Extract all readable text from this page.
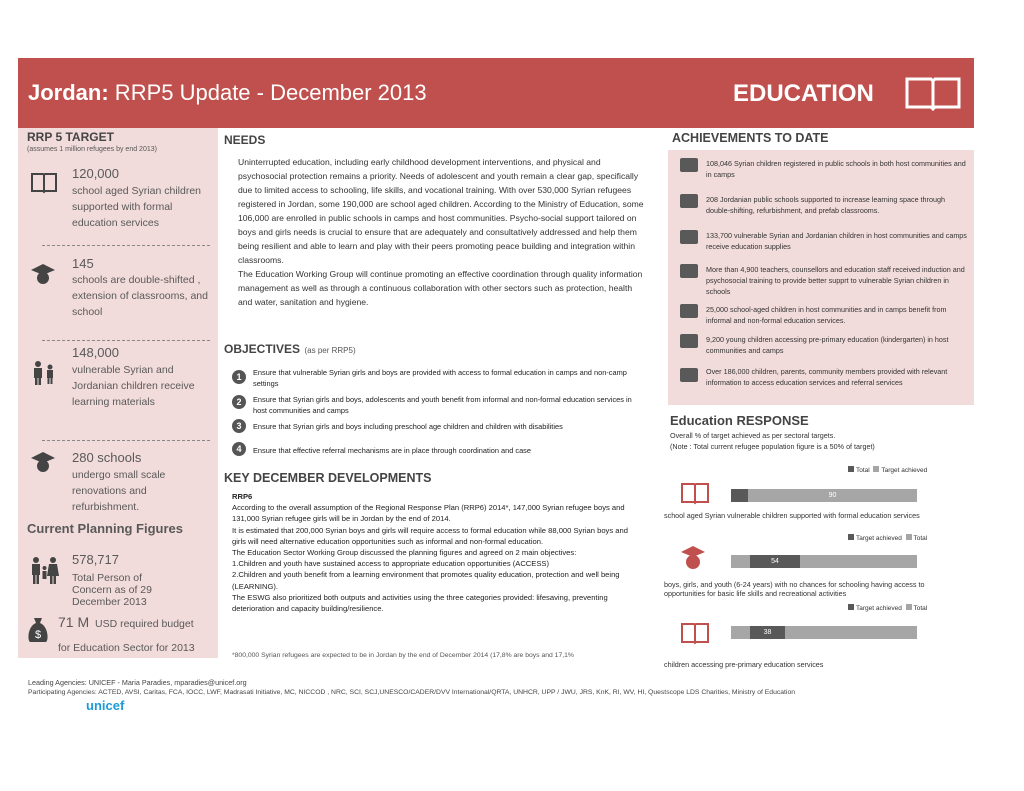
Jordan: RRP5 Update - December 2013	EDUCATION
RRP 5 TARGET
(assumes 1 million refugees by end 2013)
120,000
school aged Syrian children supported with formal education services
145
schools are double-shifted , extension of classrooms, and school
148,000
vulnerable Syrian and Jordanian children receive learning materials
280 schools
undergo small scale renovations and refurbishment.
Current Planning Figures
578,717
Total Person of Concern as of 29 December 2013
$
71 M USD required budget
for Education Sector for 2013
NEEDS
Uninterrupted education, including early childhood development interventions, and physical and psychosocial protection remains a priority. Needs of adolescent and youth remain a clear gap, specifically due to limited access to schooling, life skills, and vocational training. With over 530,000 Syrian refugees registered in Jordan, some 190,000 are school aged children. According to the Ministry of Education, some 106,000 are enrolled in public schools in camps and host communities. Psycho-social support tailored on boys and girls needs is crucial to ensure that are adequately and consultatively addressed and help them being resilient and able to learn and play with their peers promoting peace building and integration within classrooms.
The Education Working Group will continue promoting an effective coordination through quality information management as well as through a continuous collaboration with other sectors such as protection, health and water, sanitation and hygiene.
OBJECTIVES (as per RRP5)
1	Ensure that vulnerable Syrian girls and boys are provided with access to formal education in camps and non-camp settings
2	Ensure that Syrian girls and boys, adolescents and youth benefit from informal and non-formal education services in host communities and camps
3	Ensure that Syrian girls and boys including preschool age children and children with disabilities
4	Ensure that effective referral mechanisms are in place through coordination and case
KEY DECEMBER DEVELOPMENTS
RRP6
According to the overall assumption of the Regional Response Plan (RRP6) 2014*, 147,000 Syrian refugee boys and 131,000 Syrian refugee girls will be in Jordan by the end of 2014.
It is estimated that 200,000 Syrian boys and girls will require access to formal education while 88,000 Syrian boys and girls will need alternative education opportunities such as informal and non-formal education.
The Education Sector Working Group discussed the planning figures and agreed on 2 main objectives:
1.Children and youth have sustained access to appropriate education opportunities (ACCESS)
2.Children and youth benefit from a learning environment that promotes quality education, protection and well being (LEARNING).
The ESWG also prioritized both outputs and activities using the three categories provided: lifesaving, preventing deterioration and capacity building/resilience.
*800,000 Syrian refugees are expected to be in Jordan by the end of December 2014 (17,8% are boys and 17,1%
ACHIEVEMENTS TO DATE
108,046 Syrian children registered in public schools in both host communities and in camps
208 Jordanian public schools supported to increase learning space through double-shifting, refurbishment, and prefab classrooms.
133,700 vulnerable Syrian and Jordanian children in host communities and camps receive education supplies
More than 4,900 teachers, counsellors and education staff received induction and psychosocial training to provide better supprt to vulnerable Syrian children in schools
25,000 school-aged children in host communities and in camps benefit from informal and non-formal education services.
9,200 young children accessing pre-primary education (kindergarten) in host communities and camps
Over 186,000 children, parents, community members provided with relevant information to access education services and referral services
Education RESPONSE
Overall % of target achieved as per sectoral targets.
(Note : Total current refugee population figure is a 50% of target)
Total Target achieved
90
school aged Syrian vulnerable children supported with formal education services
Target achieved Total
54
boys, girls, and youth (6-24 years) with no chances for schooling having access to opportunities for basic life skills and recreational activities
Target achieved Total
38
children accessing pre-primary education services
Leading Agencies: UNICEF - Maria Paradies, mparadies@unicef.org
Participating Agencies: ACTED, AVSI, Caritas, FCA, IOCC, LWF, Madrasati Initiative, MC, NICCOD , NRC, SCI, SCJ,UNESCO/CADER/DVV International/QRTA, UNHCR, UPP / JWU, JRS, KnK, RI, WV, HI, Questscope LDS Charities, Ministry of Education
unicef
